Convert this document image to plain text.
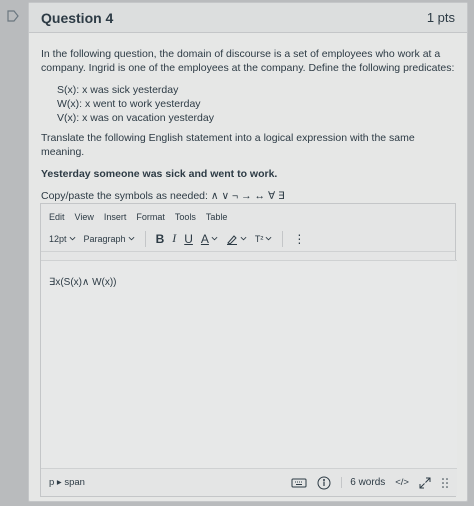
Question 4	1 pts
In the following question, the domain of discourse is a set of employees who work at a company. Ingrid is one of the employees at the company. Define the following predicates:
S(x): x was sick yesterday
W(x): x went to work yesterday
V(x): x was on vacation yesterday
Translate the following English statement into a logical expression with the same meaning.
Yesterday someone was sick and went to work.
Copy/paste the symbols as needed: ∧ ∨ ¬ → ↔ ∀ ∃
Edit View Insert Format Tools Table
12pt Paragraph	B I U A	T²	⋮
∃x(S(x)∧ W(x))
p ▸ span	6 words </>
